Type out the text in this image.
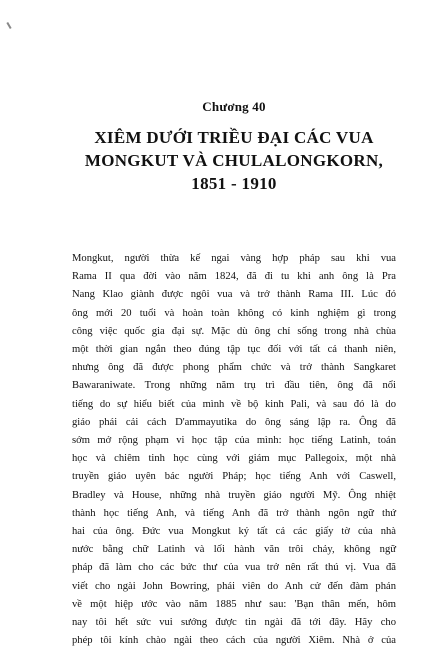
Chương 40
XIÊM DƯỚI TRIỀU ĐẠI CÁC VUA
MONGKUT VÀ CHULALONGKORN,
1851 - 1910
Mongkut, người thừa kế ngai vàng hợp pháp sau khi vua
Rama II qua đời vào năm 1824, đã đi tu khi anh ông là Pra
Nang Klao giành được ngôi vua và trở thành Rama III. Lúc đó
ông mới 20 tuổi và hoàn toàn không có kinh nghiệm gì trong
công việc quốc gia đại sự. Mặc dù ông chỉ sống trong nhà chùa
một thời gian ngắn theo đúng tập tục đối với tất cả thanh niên,
nhưng ông đã được phong phẩm chức và trở thành Sangkaret
Bawaraniwate. Trong những năm trụ trì đầu tiên, ông đã nổi
tiếng do sự hiểu biết của mình về bộ kinh Pali, và sau đó là do
giáo phái cải cách D'ammayutika do ông sáng lập ra. Ông đã
sớm mở rộng phạm vi học tập của mình: học tiếng Latinh, toán
học và chiêm tinh học cùng với giám mục Pallegoix, một nhà
truyền giáo uyên bác người Pháp; học tiếng Anh với Caswell,
Bradley và House, những nhà truyền giáo người Mỹ. Ông nhiệt
thành học tiếng Anh, và tiếng Anh đã trở thành ngôn ngữ thứ
hai của ông. Đức vua Mongkut ký tất cả các giấy tờ của nhà
nước bằng chữ Latinh và lối hành văn trôi chảy, không ngữ
pháp đã làm cho các bức thư của vua trở nên rất thú vị. Vua đã
viết cho ngài John Bowring, phái viên do Anh cử đến đàm phán
về một hiệp ước vào năm 1885 như sau: 'Bạn thân mến, hôm
nay tôi hết sức vui sướng được tin ngài đã tới đây. Hãy cho
phép tôi kính chào ngài theo cách của người Xiêm. Nhà ở của
